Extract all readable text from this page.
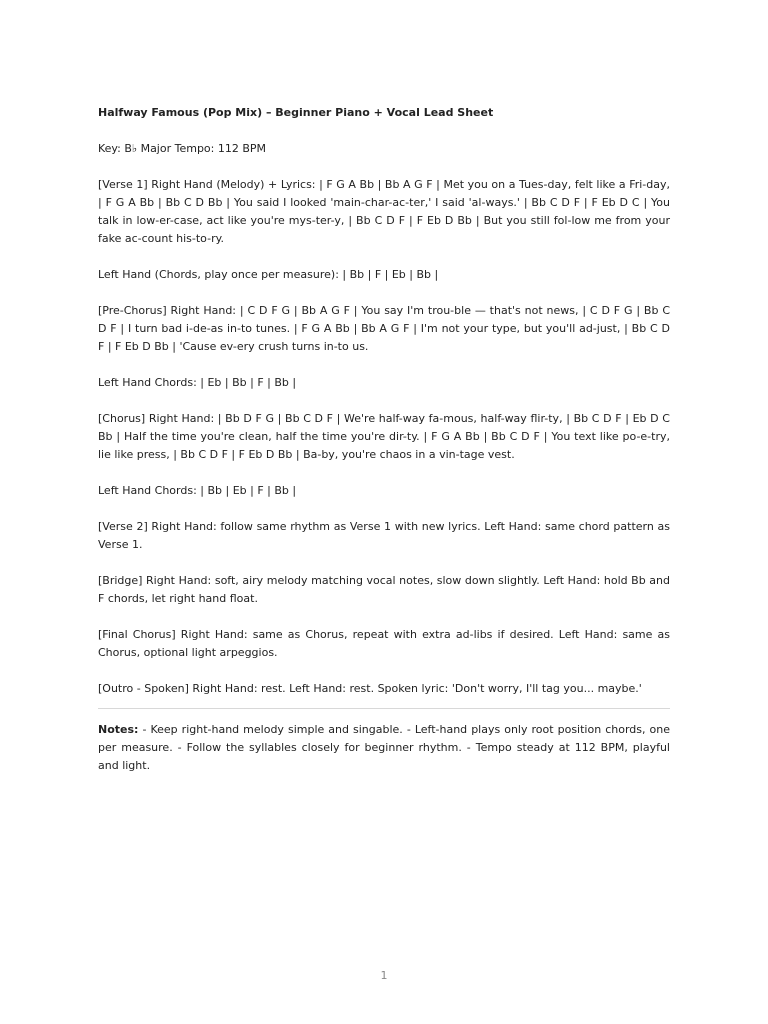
Halfway Famous (Pop Mix) – Beginner Piano + Vocal Lead Sheet

Key: B♭ Major Tempo: 112 BPM

[Verse 1] Right Hand (Melody) + Lyrics: | F G A Bb | Bb A G F | Met you on a Tues-day, felt like a Fri-day, | F G A Bb | Bb C D Bb | You said I looked 'main-char-ac-ter,' I said 'al-ways.' | Bb C D F | F Eb D C | You talk in low-er-case, act like you're mys-ter-y, | Bb C D F | F Eb D Bb | But you still fol-low me from your fake ac-count his-to-ry.

Left Hand (Chords, play once per measure): | Bb | F | Eb | Bb |

[Pre-Chorus] Right Hand: | C D F G | Bb A G F | You say I'm trou-ble — that's not news, | C D F G | Bb C D F | I turn bad i-de-as in-to tunes. | F G A Bb | Bb A G F | I'm not your type, but you'll ad-just, | Bb C D F | F Eb D Bb | 'Cause ev-ery crush turns in-to us.

Left Hand Chords: | Eb | Bb | F | Bb |

[Chorus] Right Hand: | Bb D F G | Bb C D F | We're half-way fa-mous, half-way flir-ty, | Bb C D F | Eb D C Bb | Half the time you're clean, half the time you're dir-ty. | F G A Bb | Bb C D F | You text like po-e-try, lie like press, | Bb C D F | F Eb D Bb | Ba-by, you're chaos in a vin-tage vest.

Left Hand Chords: | Bb | Eb | F | Bb |

[Verse 2] Right Hand: follow same rhythm as Verse 1 with new lyrics. Left Hand: same chord pattern as Verse 1.

[Bridge] Right Hand: soft, airy melody matching vocal notes, slow down slightly. Left Hand: hold Bb and F chords, let right hand float.

[Final Chorus] Right Hand: same as Chorus, repeat with extra ad-libs if desired. Left Hand: same as Chorus, optional light arpeggios.

[Outro - Spoken] Right Hand: rest. Left Hand: rest. Spoken lyric: 'Don't worry, I'll tag you... maybe.'

Notes: - Keep right-hand melody simple and singable. - Left-hand plays only root position chords, one per measure. - Follow the syllables closely for beginner rhythm. - Tempo steady at 112 BPM, playful and light.

1
